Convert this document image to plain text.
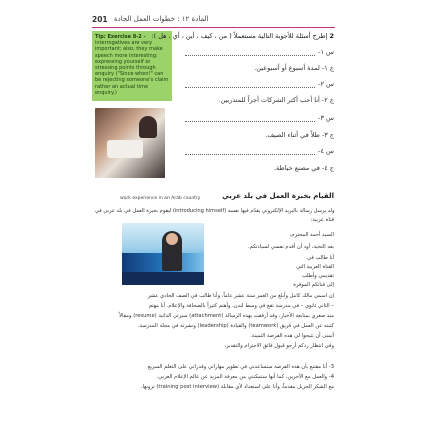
201 المادة ١٢ : خطوات العمل الجادة
Tip: Exercise 8-2 - interrogatives are very important; also, they make speech more interesting: expressing yourself or stressing points through enquiry ("Since when!" can be rejecting someone's claim rather an actual time enquiry.)
2 إطرح أسئلة للأجوبة التالية مستعملاً ( من ، كيف ، أين ، أي ، هل ):
س ١-
ج ١- لمدة أسبوع أو أسبوعين.
س ٢-
ج ٢- أنا أحب أكثر الشركات أجراً للمتدربين.
س ٣-
ج ٣- طلاً في أثناء الصيف.
س ٤-
ج ٤- في مصنع خياطة.
work experience in an Arab country	القيام بخبرة العمل في بلد عربي
ولد يرسل رسالة بالبريد الإلكتروني يقدّم فيها نفسه (introducing himself) ليقوم بخبرة العمل في بلد عربي في
قناة عربية:
السيد أحمد المحترم،
بعد التحية، أود أن أقدم نفسي لسيادتكم.
أنا طالب في
القناة العربية التي
تقديمي وأطلب
إلى قناتكم الموقرة
إن اسمي مالك كامل وأبلغ من العمر ستة عشر عاماً، وأنا طالب في الصف الحادي عشر
– الثاني ثانوي – في مدرسة تقع في وسط لندن، وأهتم كثيراً بالصحافة والإعلام. أنا مهتم
منذ صغري بمتابعة الأخبار، وقد أرفقت بهذه الرسالة (attachment) سيرتي الذاتية (resume) ومقالاً
كتبته عن العمل في فريق (teamwork) والقيادة (leadership) ونشرته في مجلة المدرسة.
أتمنى أن تتيحوا لي هذه الفرصة الثمينة.
وفي انتظار ردكم أرجو قبول فائق الاحترام والتقدير،
3- أنا مقتنع بأن هذه الفرصة ستساعدني في تطوير مهاراتي وقدراتي على التعلم السريع
4- والعمل مع الآخرين، كما أنها ستمكنني من معرفة المزيد عن عالم الإعلام العربي.
مع الشكر الجزيل مقدماً، وأنا على استعداد لأي مقابلة (training post interview) ترونها.
